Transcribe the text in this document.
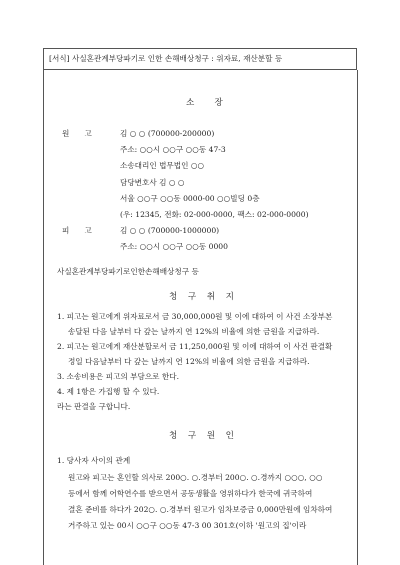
[서식] 사실혼관계부당파기로 인한 손해배상청구 : 위자료, 재산분할 등
소　　장
원　　고	김 ○ ○ (700000-200000)
주소: ○○시 ○○구 ○○동 47-3
소송대리인 법무법인 ○○
담당변호사 김 ○ ○
서울 ○○구 ○○동 0000-00 ○○빌딩 0층
(우: 12345, 전화: 02-000-0000, 팩스: 02-000-0000)
피　　고	김 ○ ○ (700000-1000000)
주소: ○○시 ○○구 ○○동 0000
사실혼관계부당파기로인한손해배상청구 등
청　구　취　지
1. 피고는 원고에게 위자료로서 금 30,000,000원 및 이에 대하여 이 사건 소장부본
송달된 다음 날부터 다 갚는 날까지 연 12%의 비율에 의한 금원을 지급하라.
2. 피고는 원고에게 재산분할로서 금 11,250,000원 및 이에 대하여 이 사건 판결확
정일 다음날부터 다 갚는 날까지 연 12%의 비율에 의한 금원을 지급하라.
3. 소송비용은 피고의 부담으로 한다.
4. 제 1항은 가집행 할 수 있다.
라는 판결을 구합니다.
청　구　원　인
1. 당사자 사이의 관계
원고와 피고는 혼인할 의사로 200○. ○.경부터 200○. ○.경까지 ○○○, ○○
등에서 함께 어학연수를 받으면서 공동생활을 영위하다가 한국에 귀국하여
결혼 준비를 하다가 202○. ○.경부터 원고가 임차보증금 0,000만원에 임차하여
거주하고 있는 00시 ○○구 ○○동 47-3 00 301호(이하 '원고의 집'이라
